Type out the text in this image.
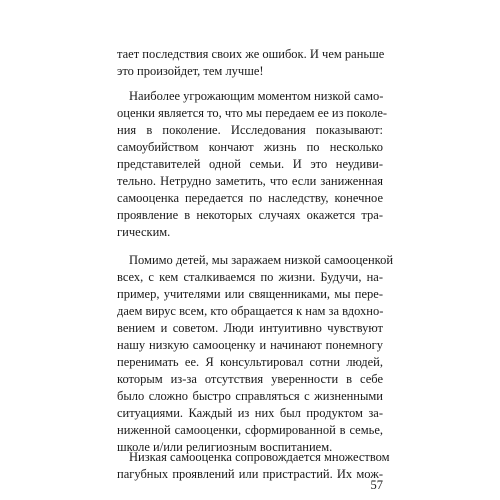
тает последствия своих же ошибок. И чем раньше
это произойдет, тем лучше!
Наиболее угрожающим моментом низкой само-
оценки является то, что мы передаем ее из поколе-
ния в поколение. Исследования показывают:
самоубийством кончают жизнь по несколько
представителей одной семьи. И это неудиви-
тельно. Нетрудно заметить, что если заниженная
самооценка передается по наследству, конечное
проявление в некоторых случаях окажется тра-
гическим.
Помимо детей, мы заражаем низкой самооценкой
всех, с кем сталкиваемся по жизни. Будучи, на-
пример, учителями или священниками, мы пере-
даем вирус всем, кто обращается к нам за вдохно-
вением и советом. Люди интуитивно чувствуют
нашу низкую самооценку и начинают понемногу
перенимать ее. Я консультировал сотни людей,
которым из-за отсутствия уверенности в себе
было сложно быстро справляться с жизненными
ситуациями. Каждый из них был продуктом за-
ниженной самооценки, сформированной в семье,
школе и/или религиозным воспитанием.
Низкая самооценка сопровождается множеством
пагубных проявлений или пристрастий. Их мож-
57
